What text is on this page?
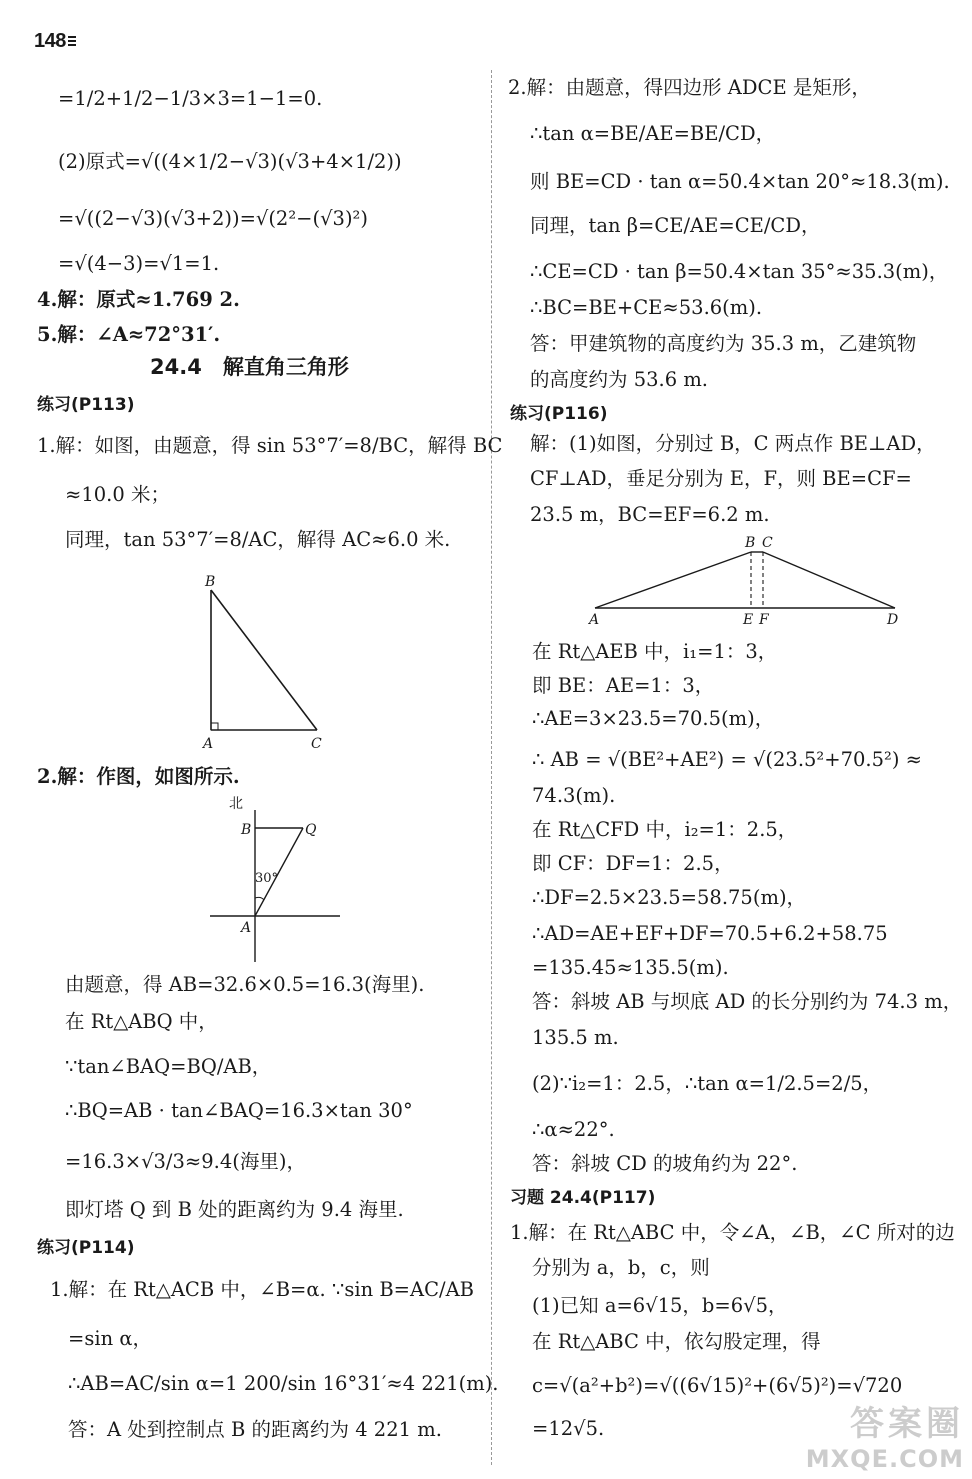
148
=1/2+1/2−1/3×3=1−1=0.
(2)原式=√((4×1/2−√3)(√3+4×1/2))
=√((2−√3)(√3+2))=√(2²−(√3)²)
=√(4−3)=√1=1.
4.解：原式≈1.769 2.
5.解：∠A≈72°31′.
24.4　解直角三角形
练习(P113)
1.解：如图，由题意，得 sin 53°7′=8/BC，解得 BC
≈10.0 米；
同理，tan 53°7′=8/AC，解得 AC≈6.0 米.
B
A	C
2.解：作图，如图所示.
北
B	Q
30°
A
由题意，得 AB=32.6×0.5=16.3(海里).
在 Rt△ABQ 中，
∵tan∠BAQ=BQ/AB，
∴BQ=AB · tan∠BAQ=16.3×tan 30°
=16.3×√3/3≈9.4(海里)，
即灯塔 Q 到 B 处的距离约为 9.4 海里.
练习(P114)
1.解：在 Rt△ACB 中，∠B=α. ∵sin B=AC/AB
=sin α，
∴AB=AC/sin α=1 200/sin 16°31′≈4 221(m).
答：A 处到控制点 B 的距离约为 4 221 m.
2.解：由题意，得四边形 ADCE 是矩形，
∴tan α=BE/AE=BE/CD，
则 BE=CD · tan α=50.4×tan 20°≈18.3(m).
同理，tan β=CE/AE=CE/CD，
∴CE=CD · tan β=50.4×tan 35°≈35.3(m)，
∴BC=BE+CE≈53.6(m).
答：甲建筑物的高度约为 35.3 m，乙建筑物
的高度约为 53.6 m.
练习(P116)
解：(1)如图，分别过 B，C 两点作 BE⊥AD，
CF⊥AD，垂足分别为 E，F，则 BE=CF=
23.5 m，BC=EF=6.2 m.
B C
A	E F	D
在 Rt△AEB 中，i₁=1：3，
即 BE：AE=1：3，
∴AE=3×23.5=70.5(m)，
∴ AB = √(BE²+AE²) = √(23.5²+70.5²) ≈
74.3(m).
在 Rt△CFD 中，i₂=1：2.5，
即 CF：DF=1：2.5，
∴DF=2.5×23.5=58.75(m)，
∴AD=AE+EF+DF=70.5+6.2+58.75
=135.45≈135.5(m).
答：斜坡 AB 与坝底 AD 的长分别约为 74.3 m，
135.5 m.
(2)∵i₂=1：2.5，∴tan α=1/2.5=2/5，
∴α≈22°.
答：斜坡 CD 的坡角约为 22°.
习题 24.4(P117)
1.解：在 Rt△ABC 中，令∠A，∠B，∠C 所对的边
分别为 a，b，c，则
(1)已知 a=6√15，b=6√5，
在 Rt△ABC 中，依勾股定理，得
c=√(a²+b²)=√((6√15)²+(6√5)²)=√720
=12√5.	答案圈
MXQE.COM
